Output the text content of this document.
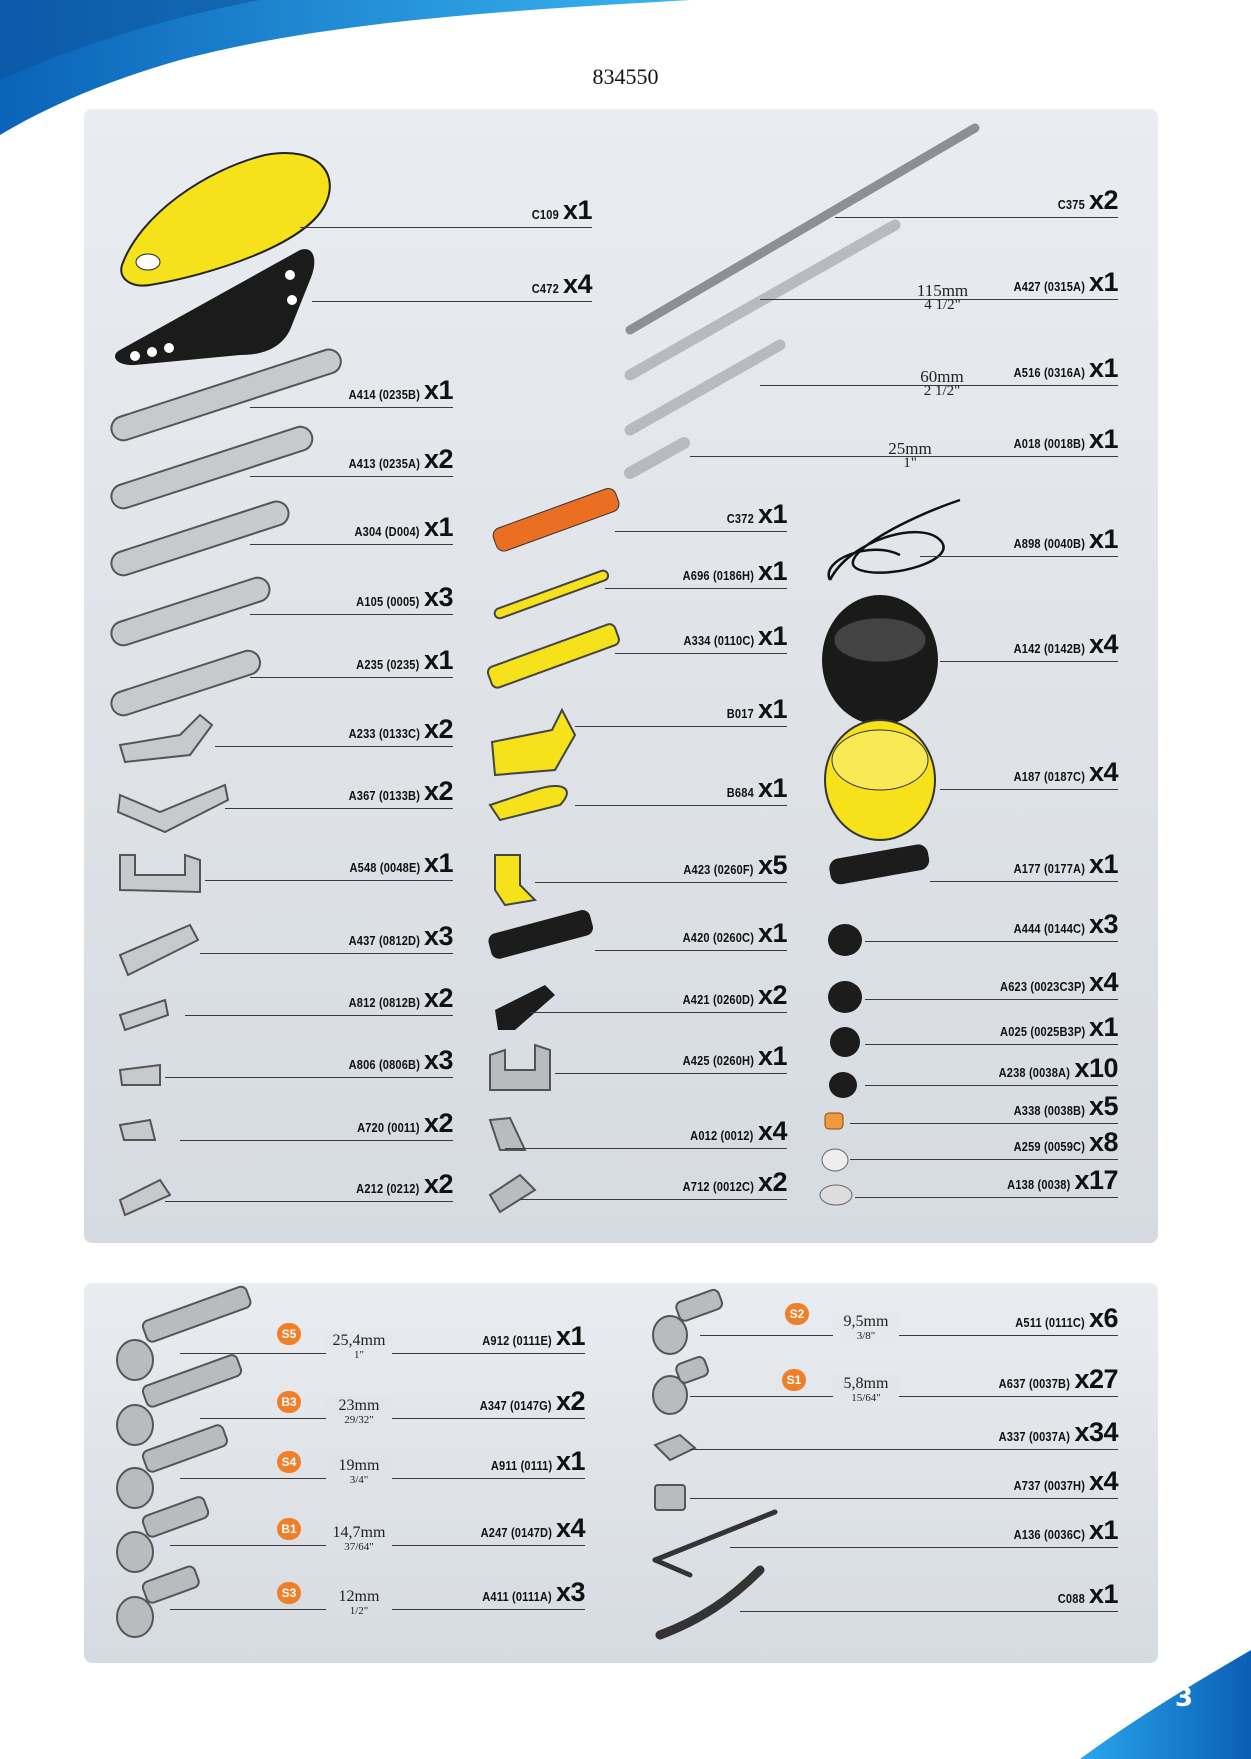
834550
C109 x1
C472 x4
A414 (0235B) x1
A413 (0235A) x2
A304 (D004) x1
A105 (0005) x3
A235 (0235) x1
A233 (0133C) x2
A367 (0133B) x2
A548 (0048E) x1
A437 (0812D) x3
A812 (0812B) x2
A806 (0806B) x3
A720 (0011) x2
A212 (0212) x2
C372 x1
A696 (0186H) x1
A334 (0110C) x1
B017 x1
B684 x1
A423 (0260F) x5
A420 (0260C) x1
A421 (0260D) x2
A425 (0260H) x1
A012 (0012) x4
A712 (0012C) x2
C375 x2
A427 (0315A) x1
A516 (0316A) x1
A018 (0018B) x1
A898 (0040B) x1
A142 (0142B) x4
A187 (0187C) x4
A177 (0177A) x1
A444 (0144C) x3
A623 (0023C3P) x4
A025 (0025B3P) x1
A238 (0038A) x10
A338 (0038B) x5
A259 (0059C) x8
A138 (0038) x17
115mm
4 1/2"
60mm
2 1/2"
25mm
1"
A912 (0111E) x1
A347 (0147G) x2
A911 (0111) x1
A247 (0147D) x4
A411 (0111A) x3
A511 (0111C) x6
A637 (0037B) x27
A337 (0037A) x34
A737 (0037H) x4
A136 (0036C) x1
C088 x1
S5
B3
S4
B1
S3
S2
S1
25,4mm
1"
23mm
29/32"
19mm
3/4"
14,7mm
37/64"
12mm
1/2"
9,5mm
3/8"
5,8mm
15/64"
3
